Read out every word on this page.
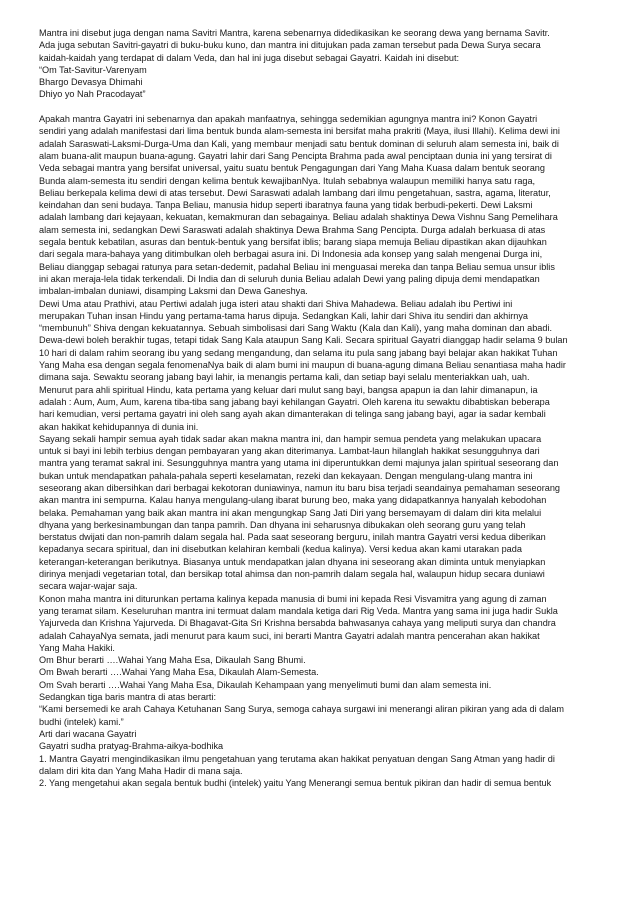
Mantra ini disebut juga dengan nama Savitri Mantra, karena sebenarnya didedikasikan ke seorang dewa yang bernama Savitr.
Ada juga sebutan Savitri-gayatri di buku-buku kuno, dan mantra ini ditujukan pada zaman tersebut pada Dewa Surya secara
kaidah-kaidah yang terdapat di dalam Veda, dan hal ini juga disebut sebagai Gayatri. Kaidah ini disebut:
“Om Tat-Savitur-Varenyam
Bhargo Devasya Dhimahi
Dhiyo yo Nah Pracodayat”
Apakah mantra Gayatri ini sebenarnya dan apakah manfaatnya, sehingga sedemikian agungnya mantra ini? Konon Gayatri
sendiri yang adalah manifestasi dari lima bentuk bunda alam-semesta ini bersifat maha prakriti (Maya, ilusi Illahi). Kelima dewi ini
adalah Saraswati-Laksmi-Durga-Uma dan Kali, yang membaur menjadi satu bentuk dominan di seluruh alam semesta ini, baik di
alam buana-alit maupun buana-agung. Gayatri lahir dari Sang Pencipta Brahma pada awal penciptaan dunia ini yang tersirat di
Veda sebagai mantra yang bersifat universal, yaitu suatu bentuk Pengagungan dari Yang Maha Kuasa dalam bentuk seorang
Bunda alam-semesta itu sendiri dengan kelima bentuk kewajibanNya. Itulah sebabnya walaupun memiliki hanya satu raga,
Beliau berkepala kelima dewi di atas tersebut. Dewi Saraswati adalah lambang dari ilmu pengetahuan, sastra, agama, literatur,
keindahan dan seni budaya. Tanpa Beliau, manusia hidup seperti ibaratnya fauna yang tidak berbudi-pekerti. Dewi Laksmi
adalah lambang dari kejayaan, kekuatan, kemakmuran dan sebagainya. Beliau adalah shaktinya Dewa Vishnu Sang Pemelihara
alam semesta ini, sedangkan Dewi Saraswati adalah shaktinya Dewa Brahma Sang Pencipta. Durga adalah berkuasa di atas
segala bentuk kebatilan, asuras dan bentuk-bentuk yang bersifat iblis; barang siapa memuja Beliau dipastikan akan dijauhkan
dari segala mara-bahaya yang ditimbulkan oleh berbagai asura ini. Di Indonesia ada konsep yang salah mengenai Durga ini,
Beliau dianggap sebagai ratunya para setan-dedemit, padahal Beliau ini menguasai mereka dan tanpa Beliau semua unsur iblis
ini akan meraja-lela tidak terkendali. Di India dan di seluruh dunia Beliau adalah Dewi yang paling dipuja demi mendapatkan
imbalan-imbalan duniawi, disamping Laksmi dan Dewa Ganeshya.
Dewi Uma atau Prathivi, atau Pertiwi adalah juga isteri atau shakti dari Shiva Mahadewa. Beliau adalah ibu Pertiwi ini
merupakan Tuhan insan Hindu yang pertama-tama harus dipuja. Sedangkan Kali, lahir dari Shiva itu sendiri dan akhirnya
“membunuh” Shiva dengan kekuatannya. Sebuah simbolisasi dari Sang Waktu (Kala dan Kali), yang maha dominan dan abadi.
Dewa-dewi boleh berakhir tugas, tetapi tidak Sang Kala ataupun Sang Kali. Secara spiritual Gayatri dianggap hadir selama 9 bulan
10 hari di dalam rahim seorang ibu yang sedang mengandung, dan selama itu pula sang jabang bayi belajar akan hakikat Tuhan
Yang Maha esa dengan segala fenomenaNya baik di alam bumi ini maupun di buana-agung dimana Beliau senantiasa maha hadir
dimana saja. Sewaktu seorang jabang bayi lahir, ia menangis pertama kali, dan setiap bayi selalu menteriakkan uah, uah.
Menurut para ahli spiritual Hindu, kata pertama yang keluar dari mulut sang bayi, bangsa apapun ia dan lahir dimanapun, ia
adalah : Aum, Aum, Aum, karena tiba-tiba sang jabang bayi kehilangan Gayatri. Oleh karena itu sewaktu dibabtiskan beberapa
hari kemudian, versi pertama gayatri ini oleh sang ayah akan dimanterakan di telinga sang jabang bayi, agar ia sadar kembali
akan hakikat kehidupannya di dunia ini.
Sayang sekali hampir semua ayah tidak sadar akan makna mantra ini, dan hampir semua pendeta yang melakukan upacara
untuk si bayi ini lebih terbius dengan pembayaran yang akan diterimanya. Lambat-laun hilanglah hakikat sesungguhnya dari
mantra yang teramat sakral ini. Sesungguhnya mantra yang utama ini diperuntukkan demi majunya jalan spiritual seseorang dan
bukan untuk mendapatkan pahala-pahala seperti keselamatan, rezeki dan kekayaan. Dengan mengulang-ulang mantra ini
seseorang akan dibersihkan dari berbagai kekotoran duniawinya, namun itu baru bisa terjadi seandainya pemahaman seseorang
akan mantra ini sempurna. Kalau hanya mengulang-ulang ibarat burung beo, maka yang didapatkannya hanyalah kebodohan
belaka. Pemahaman yang baik akan mantra ini akan mengungkap Sang Jati Diri yang bersemayam di dalam diri kita melalui
dhyana yang berkesinambungan dan tanpa pamrih. Dan dhyana ini seharusnya dibukakan oleh seorang guru yang telah
berstatus dwijati dan non-pamrih dalam segala hal. Pada saat seseorang berguru, inilah mantra Gayatri versi kedua diberikan
kepadanya secara spiritual, dan ini disebutkan kelahiran kembali (kedua kalinya). Versi kedua akan kami utarakan pada
keterangan-keterangan berikutnya. Biasanya untuk mendapatkan jalan dhyana ini seseorang akan diminta untuk menyiapkan
dirinya menjadi vegetarian total, dan bersikap total ahimsa dan non-pamrih dalam segala hal, walaupun hidup secara duniawi
secara wajar-wajar saja.
Konon maha mantra ini diturunkan pertama kalinya kepada manusia di bumi ini kepada Resi Visvamitra yang agung di zaman
yang teramat silam. Keseluruhan mantra ini termuat dalam mandala ketiga dari Rig Veda. Mantra yang sama ini juga hadir Sukla
Yajurveda dan Krishna Yajurveda. Di Bhagavat-Gita Sri Krishna bersabda bahwasanya cahaya yang meliputi surya dan chandra
adalah CahayaNya semata, jadi menurut para kaum suci, ini berarti Mantra Gayatri adalah mantra pencerahan akan hakikat
Yang Maha Hakiki.
Om Bhur berarti ….Wahai Yang Maha Esa, Dikaulah Sang Bhumi.
Om Bwah berarti ….Wahai Yang Maha Esa, Dikaulah Alam-Semesta.
Om Svah berarti ….Wahai Yang Maha Esa, Dikaulah Kehampaan yang menyelimuti bumi dan alam semesta ini.
Sedangkan tiga baris mantra di atas berarti:
“Kami bersemedi ke arah Cahaya Ketuhanan Sang Surya, semoga cahaya surgawi ini menerangi aliran pikiran yang ada di dalam
budhi (intelek) kami.”
Arti dari wacana Gayatri
Gayatri sudha pratyag-Brahma-aikya-bodhika
1. Mantra Gayatri mengindikasikan ilmu pengetahuan yang terutama akan hakikat penyatuan dengan Sang Atman yang hadir di
dalam diri kita dan Yang Maha Hadir di mana saja.
2. Yang mengetahui akan segala bentuk budhi (intelek) yaitu Yang Menerangi semua bentuk pikiran dan hadir di semua bentuk
